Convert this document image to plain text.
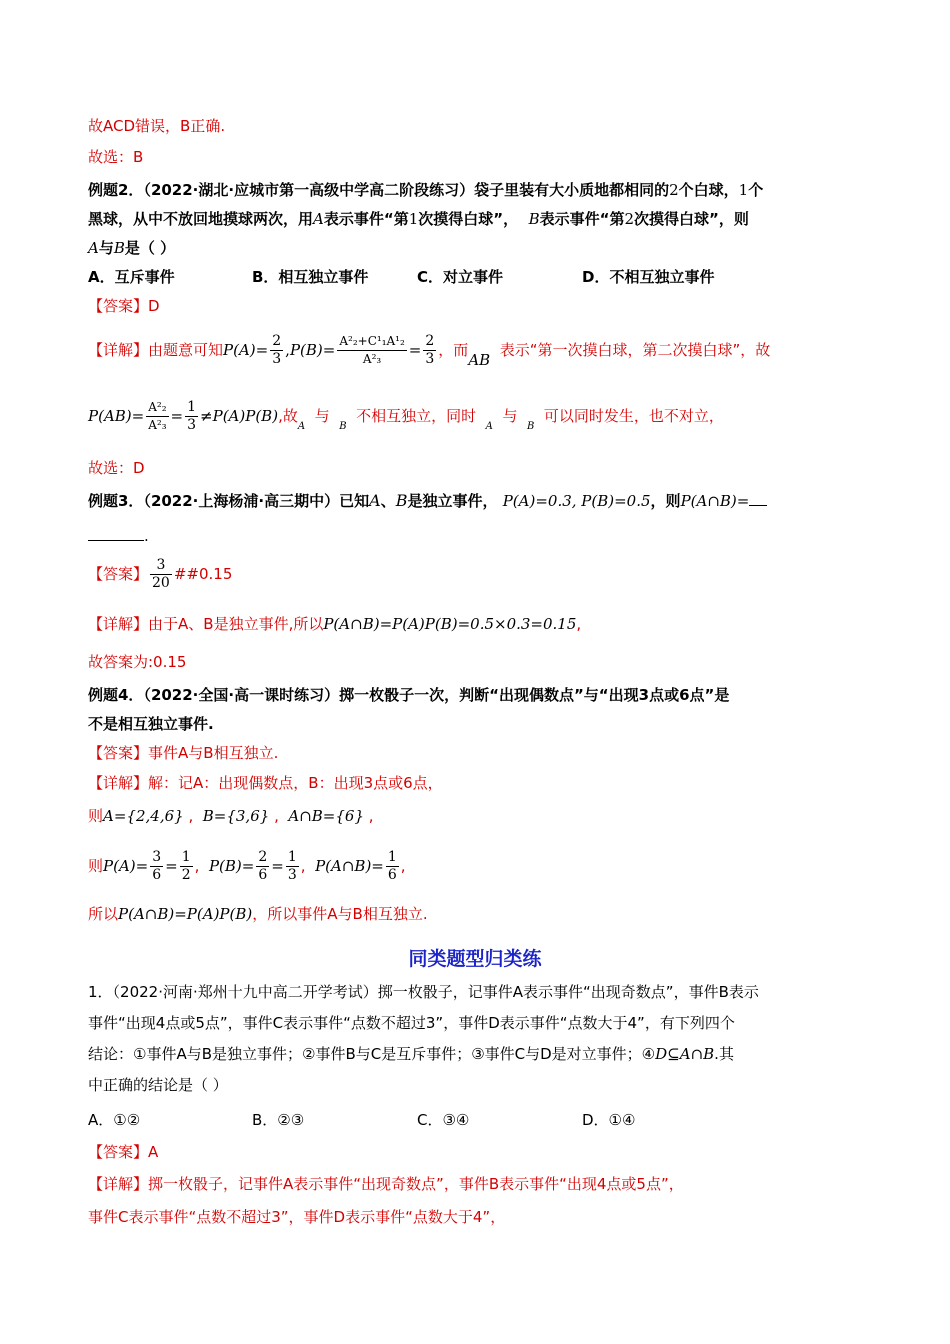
故ACD错误，B正确.
故选：B
例题2．（2022·湖北·应城市第一高级中学高二阶段练习）袋子里装有大小质地都相同的2个白球，1个
黑球，从中不放回地摸球两次，用A表示事件“第1次摸得白球”， B表示事件“第2次摸得白球”，则
A与B是（ ）
A．互斥事件	B．相互独立事件	C．对立事件	D．不相互独立事件
【答案】D
【详解】由题意可知$P(A)= \frac{2}{3} ,P(B)= \frac{\text{A²₂+C¹₁A¹₂}}{\text{A²₃}} = \frac{2}{3}$ ，而AB  表示“第一次摸白球，第二次摸白球”，故
$P(AB)= \frac{\text{A²₂}}{\text{A²₃}} = \frac{1}{3} \ne P(A)P(B)$,故$_A$  与  $_B$  不相互独立，同时  $_A$  与  $_B$  可以同时发生，也不对立，
故选：D
例题3．（2022·上海杨浦·高三期中）已知A、B是独立事件， P(A)=0.3, P(B)=0.5，则P(A∩B)=
.
【答案】 $\frac{3}{20}$ ##0.15
【详解】由于A、B是独立事件,所以P(A∩B)=P(A)P(B)=0.5×0.3=0.15,
故答案为:0.15
例题4．（2022·全国·高一课时练习）掷一枚骰子一次，判断“出现偶数点”与“出现3点或6点”是
不是相互独立事件.
【答案】事件A与B相互独立.
【详解】解：记A：出现偶数点，B：出现3点或6点，
则A={2,4,6} ,  B={3,6} ,  A∩B={6} ,
则$P(A)= \frac{3}{6} = \frac{1}{2}$ ,  $P(B)= \frac{2}{6} = \frac{1}{3}$ ,  P(A∩B)= $\frac{1}{6}$ ,
所以P(A∩B)=P(A)P(B)，所以事件A与B相互独立.
同类题型归类练
1．（2022·河南·郑州十九中高二开学考试）掷一枚骰子，记事件A表示事件“出现奇数点”，事件B表示
事件“出现4点或5点”，事件C表示事件“点数不超过3”，事件D表示事件“点数大于4”，有下列四个
结论：①事件A与B是独立事件；②事件B与C是互斥事件；③事件C与D是对立事件；④D⊆A∩B.其
中正确的结论是（ ）
A．①②	B．②③	C．③④	D．①④
【答案】A
【详解】掷一枚骰子，记事件A表示事件“出现奇数点”，事件B表示事件“出现4点或5点”，
事件C表示事件“点数不超过3”，事件D表示事件“点数大于4”，
